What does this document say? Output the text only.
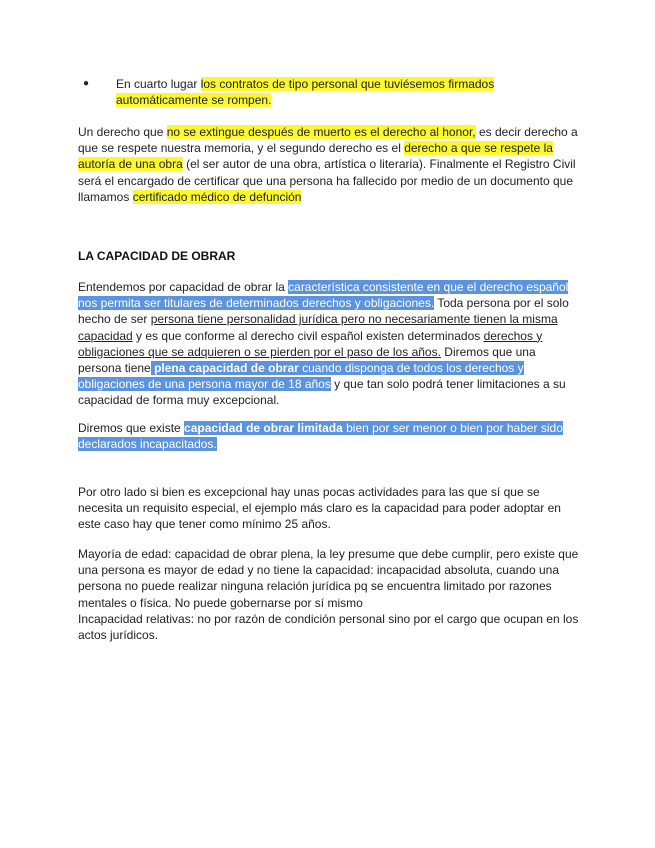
●	En cuarto lugar los contratos de tipo personal que tuviésemos firmados automáticamente se rompen.

Un derecho que no se extingue después de muerto es el derecho al honor, es decir derecho a que se respete nuestra memoria, y el segundo derecho es el derecho a que se respete la autoría de una obra (el ser autor de una obra, artística o literaria). Finalmente el Registro Civil será el encargado de certificar que una persona ha fallecido por medio de un documento que llamamos certificado médico de defunción

LA CAPACIDAD DE OBRAR

Entendemos por capacidad de obrar la característica consistente en que el derecho español nos permita ser titulares de determinados derechos y obligaciones. Toda persona por el solo hecho de ser persona tiene personalidad jurídica pero no necesariamente tienen la misma capacidad y es que conforme al derecho civil español existen determinados derechos y obligaciones que se adquieren o se pierden por el paso de los años. Diremos que una persona tiene plena capacidad de obrar cuando disponga de todos los derechos y obligaciones de una persona mayor de 18 años y que tan solo podrá tener limitaciones a su capacidad de forma muy excepcional.

Diremos que existe capacidad de obrar limitada bien por ser menor o bien por haber sido declarados incapacitados.

Por otro lado si bien es excepcional hay unas pocas actividades para las que sí que se necesita un requisito especial, el ejemplo más claro es la capacidad para poder adoptar en este caso hay que tener como mínimo 25 años.

Mayoría de edad: capacidad de obrar plena, la ley presume que debe cumplir, pero existe que una persona es mayor de edad y no tiene la capacidad: incapacidad absoluta, cuando una persona no puede realizar ninguna relación jurídica pq se encuentra limitado por razones mentales o física. No puede gobernarse por sí mismo
Incapacidad relativas: no por razón de condición personal sino por el cargo que ocupan en los actos jurídicos.
